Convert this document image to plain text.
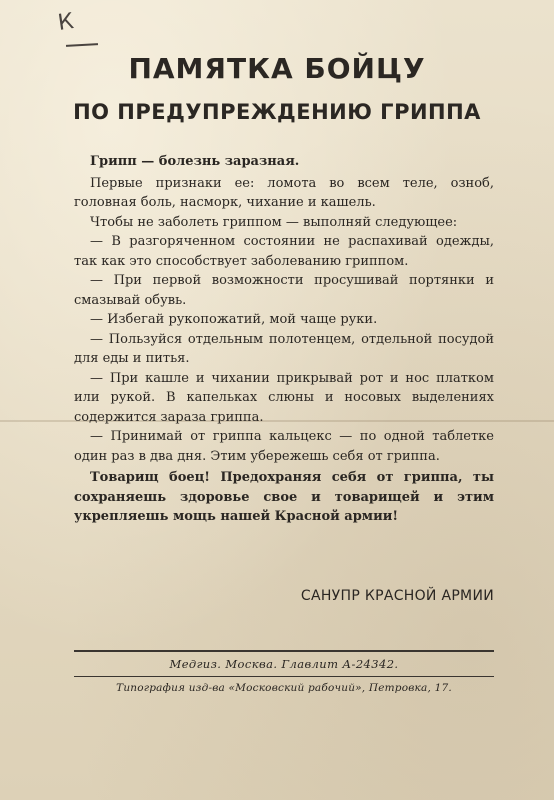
К
ПАМЯТКА БОЙЦУ
ПО ПРЕДУПРЕЖДЕНИЮ ГРИППА

Грипп — болезнь заразная.

Первые признаки ее: ломота во всем теле, озноб, головная боль, насморк, чихание и кашель.

Чтобы не заболеть гриппом — выполняй следующее:

— В разгоряченном состоянии не распахивай одежды, так как это способствует заболеванию гриппом.

— При первой возможности просушивай портянки и смазывай обувь.

— Избегай рукопожатий, мой чаще руки.

— Пользуйся отдельным полотенцем, отдельной посудой для еды и питья.

— При кашле и чихании прикрывай рот и нос платком или рукой. В капельках слюны и носовых выделениях содержится зараза гриппа.

— Принимай от гриппа кальцекс — по одной таблетке один раз в два дня. Этим убережешь себя от гриппа.

Товарищ боец! Предохраняя себя от гриппа, ты сохраняешь здоровье свое и товарищей и этим укрепляешь мощь нашей Красной армии!

САНУПР КРАСНОЙ АРМИИ
Медгиз. Москва. Главлит А-24342.
Типография изд-ва «Московский рабочий», Петровка, 17.
